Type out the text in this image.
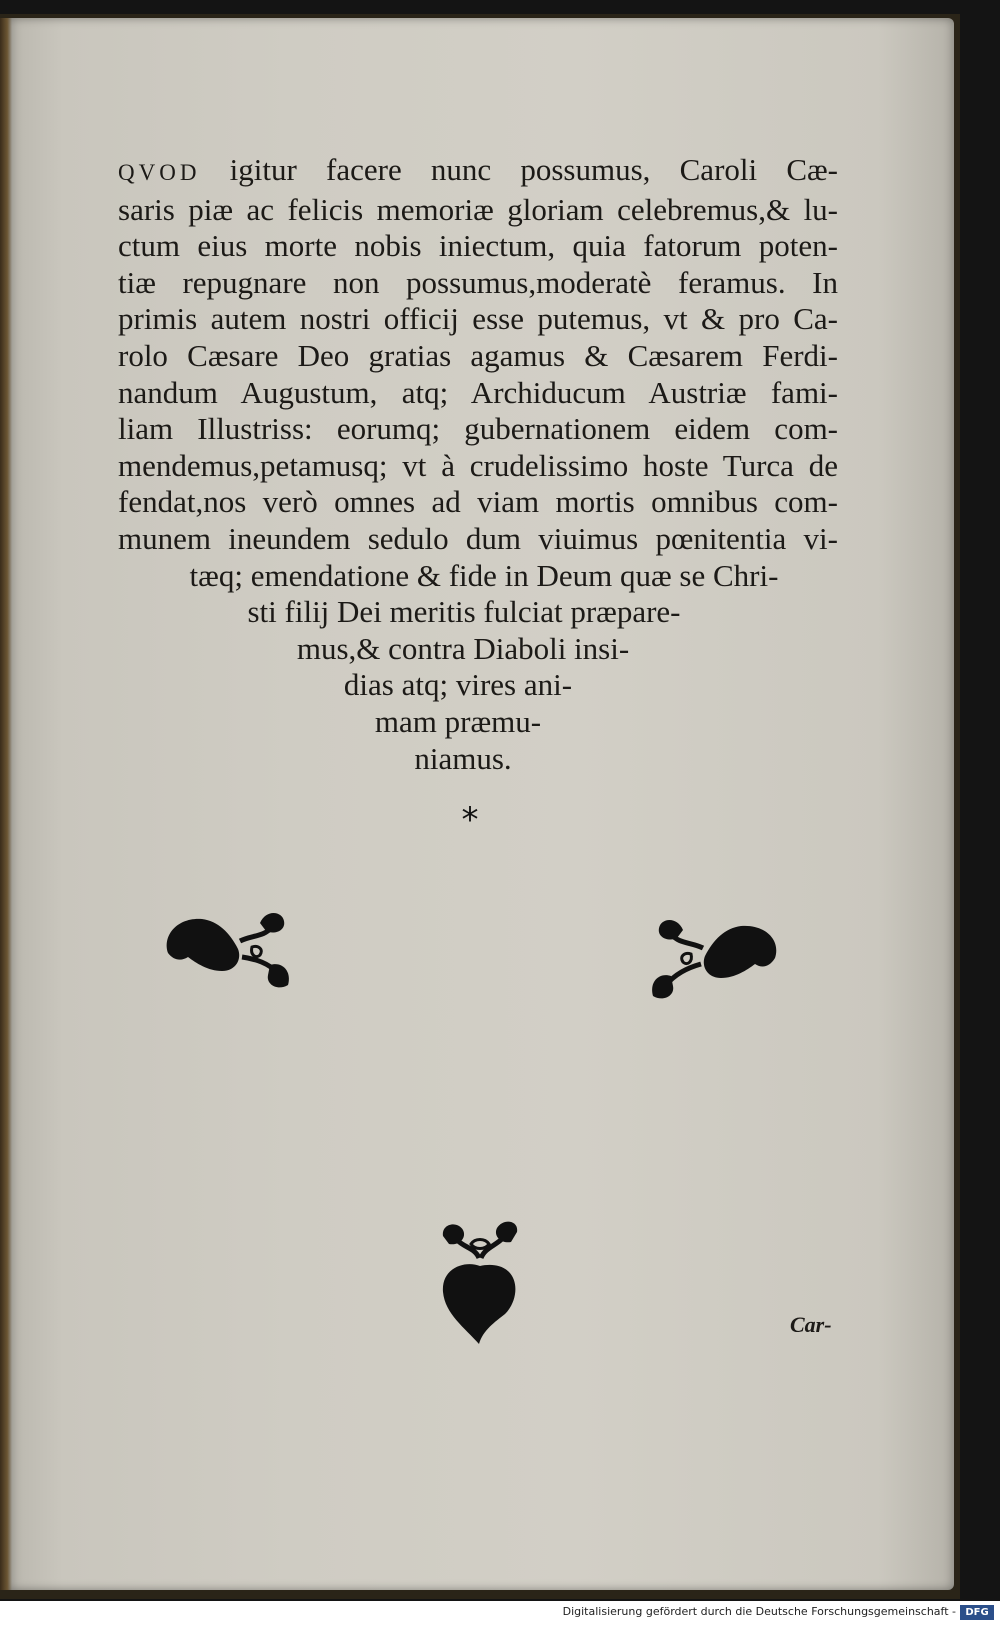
QVOD igitur facere nunc possumus, Caroli Cæ-
saris piæ ac felicis memoriæ gloriam celebremus,& lu-
ctum eius morte nobis iniectum, quia fatorum poten-
tiæ repugnare non possumus,moderatè feramus. In
primis autem nostri officij esse putemus, vt & pro Ca-
rolo Cæsare Deo gratias agamus & Cæsarem Ferdi-
nandum Augustum, atq; Archiducum Austriæ fami-
liam Illustriss: eorumq; gubernationem eidem com-
mendemus,petamusq; vt à crudelissimo hoste Turca de
fendat,nos verò omnes ad viam mortis omnibus com-
munem ineundem sedulo dum viuimus pœnitentia vi-
tæq; emendatione & fide in Deum quæ se Chri-
sti filij Dei meritis fulciat præpare-
mus,& contra Diaboli insi-
dias atq; vires ani-
mam præmu-
niamus.
*
Car-
Digitalisierung gefördert durch die Deutsche Forschungsgemeinschaft - DFG
